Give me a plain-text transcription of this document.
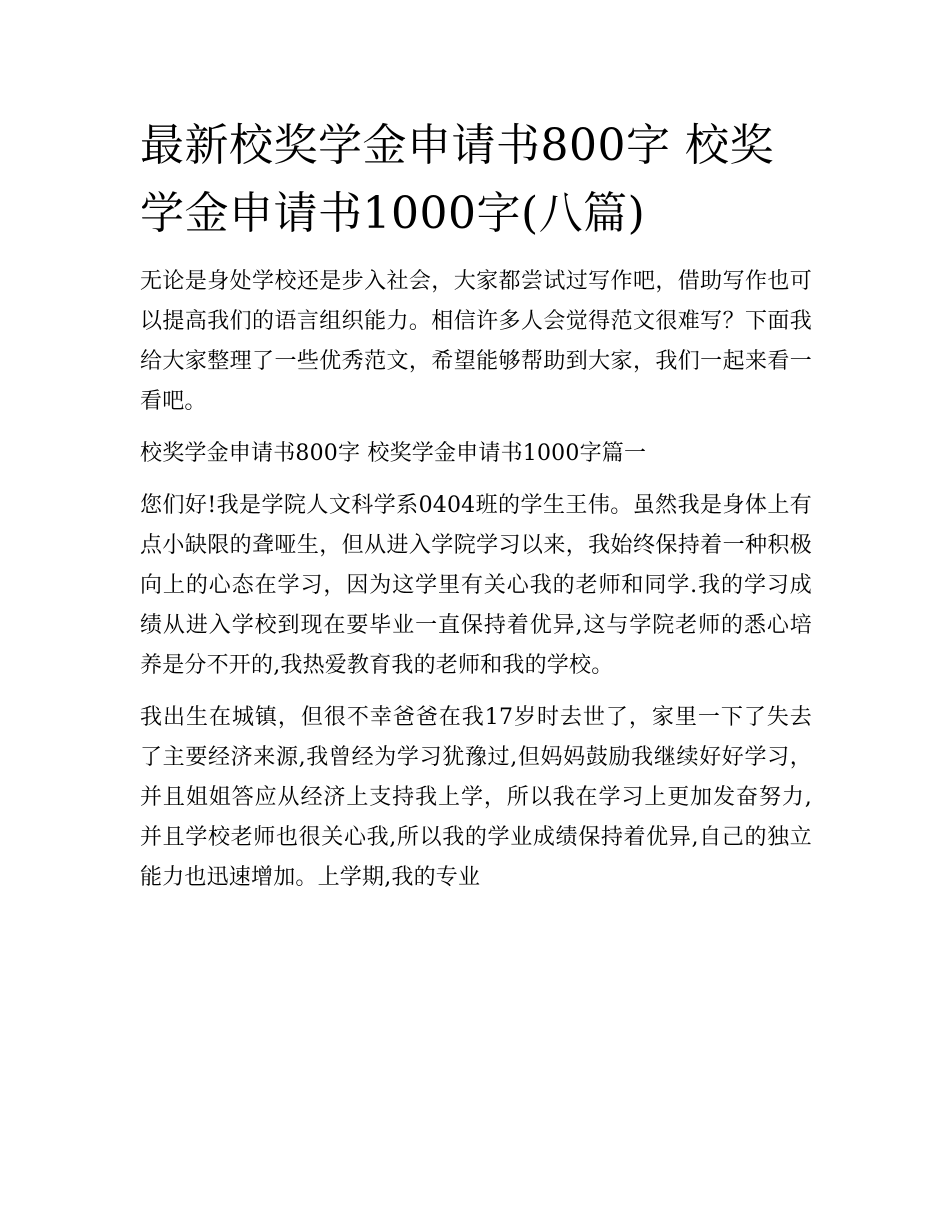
最新校奖学金申请书800字 校奖学金申请书1000字(八篇)

无论是身处学校还是步入社会，大家都尝试过写作吧，借助写作也可以提高我们的语言组织能力。相信许多人会觉得范文很难写？下面我给大家整理了一些优秀范文，希望能够帮助到大家，我们一起来看一看吧。

校奖学金申请书800字 校奖学金申请书1000字篇一

您们好!我是学院人文科学系0404班的学生王伟。虽然我是身体上有点小缺限的聋哑生，但从进入学院学习以来，我始终保持着一种积极向上的心态在学习，因为这学里有关心我的老师和同学.我的学习成绩从进入学校到现在要毕业一直保持着优异,这与学院老师的悉心培养是分不开的,我热爱教育我的老师和我的学校。

我出生在城镇，但很不幸爸爸在我17岁时去世了，家里一下了失去了主要经济来源,我曾经为学习犹豫过,但妈妈鼓励我继续好好学习，并且姐姐答应从经济上支持我上学，所以我在学习上更加发奋努力,并且学校老师也很关心我,所以我的学业成绩保持着优异,自己的独立能力也迅速增加。上学期,我的专业
